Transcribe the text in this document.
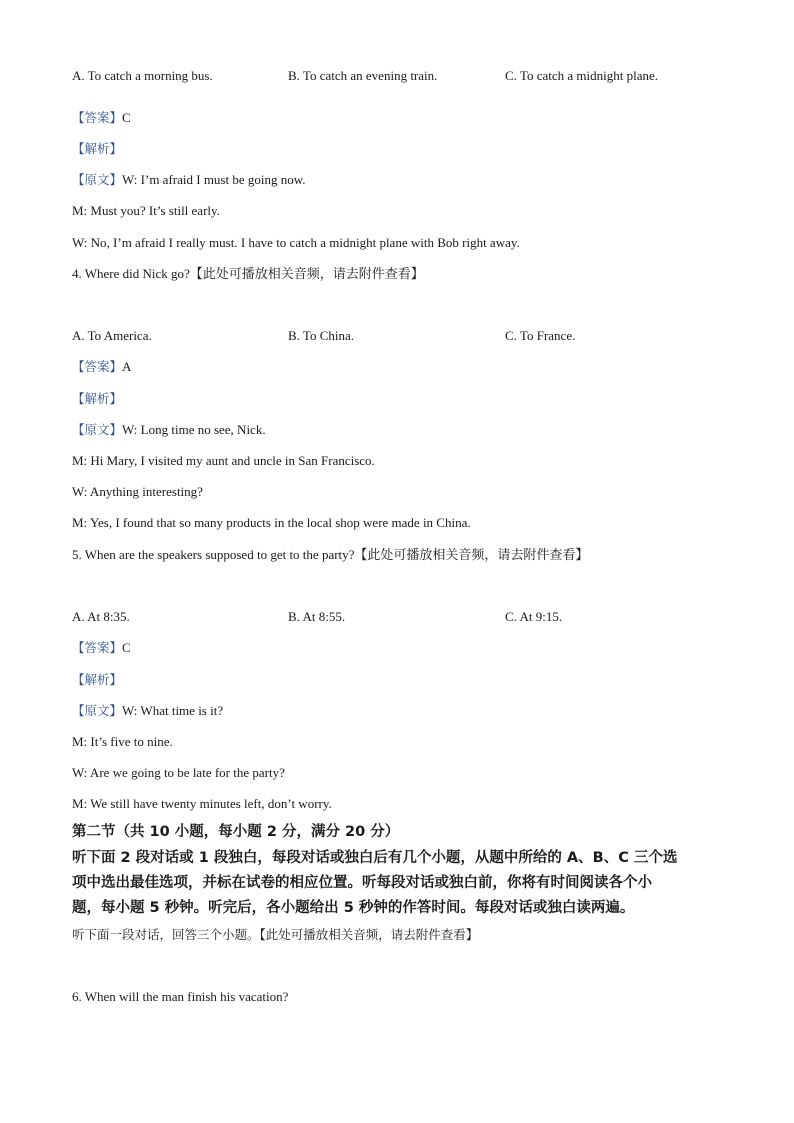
A. To catch a morning bus.	B. To catch an evening train.	C. To catch a midnight plane.
【答案】C
【解析】
【原文】W: I’m afraid I must be going now.
M: Must you? It’s still early.
W: No, I’m afraid I really must. I have to catch a midnight plane with Bob right away.
4. Where did Nick go?【此处可播放相关音频，请去附件查看】
A. To America.	B. To China.	C. To France.
【答案】A
【解析】
【原文】W: Long time no see, Nick.
M: Hi Mary, I visited my aunt and uncle in San Francisco.
W: Anything interesting?
M: Yes, I found that so many products in the local shop were made in China.
5. When are the speakers supposed to get to the party?【此处可播放相关音频，请去附件查看】
A. At 8:35.	B. At 8:55.	C. At 9:15.
【答案】C
【解析】
【原文】W: What time is it?
M: It’s five to nine.
W: Are we going to be late for the party?
M: We still have twenty minutes left, don’t worry.
第二节（共 10 小题，每小题 2 分，满分 20 分）
听下面 2 段对话或 1 段独白，每段对话或独白后有几个小题，从题中所给的 A、B、C 三个选
项中选出最佳选项，并标在试卷的相应位置。听每段对话或独白前，你将有时间阅读各个小
题，每小题 5 秒钟。听完后，各小题给出 5 秒钟的作答时间。每段对话或独白读两遍。
听下面一段对话，回答三个小题。【此处可播放相关音频，请去附件查看】
6. When will the man finish his vacation?
